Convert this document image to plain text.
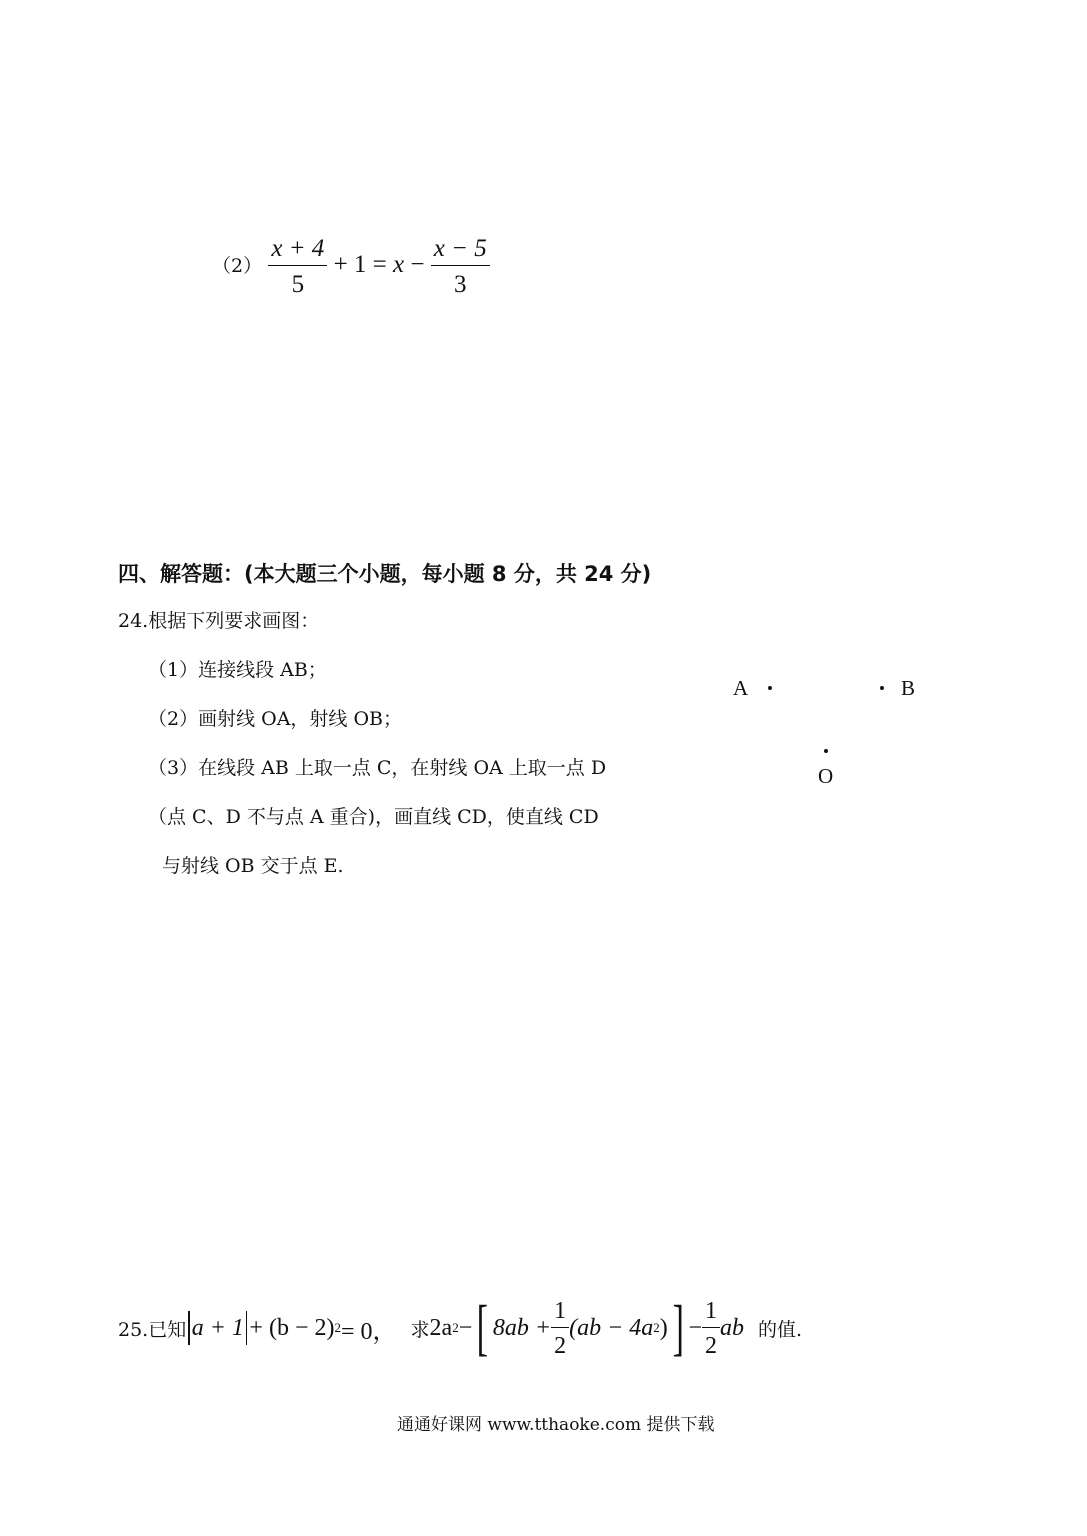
$(2) \frac{x + 4}{5} + 1 = x - \frac{x - 5}{3}$
四、解答题：(本大题三个小题，每小题 8 分，共 24 分)
24.根据下列要求画图：
（1）连接线段 AB；
（2）画射线 OA，射线 OB；
（3）在线段 AB 上取一点 C，在射线 OA 上取一点 D
（点 C、D 不与点 A 重合)，画直线 CD，使直线 CD
与射线 OB 交于点 E.
A	B
O
25.已知 a + 1 + (b − 2) 2 = 0， 求 2a 2 − [ $8ab + \frac{1}{2} (ab - 4a$ 2 ) ] − $\frac{1}{2}$ ab 的值.
通通好课网 www.tthaoke.com 提供下载
